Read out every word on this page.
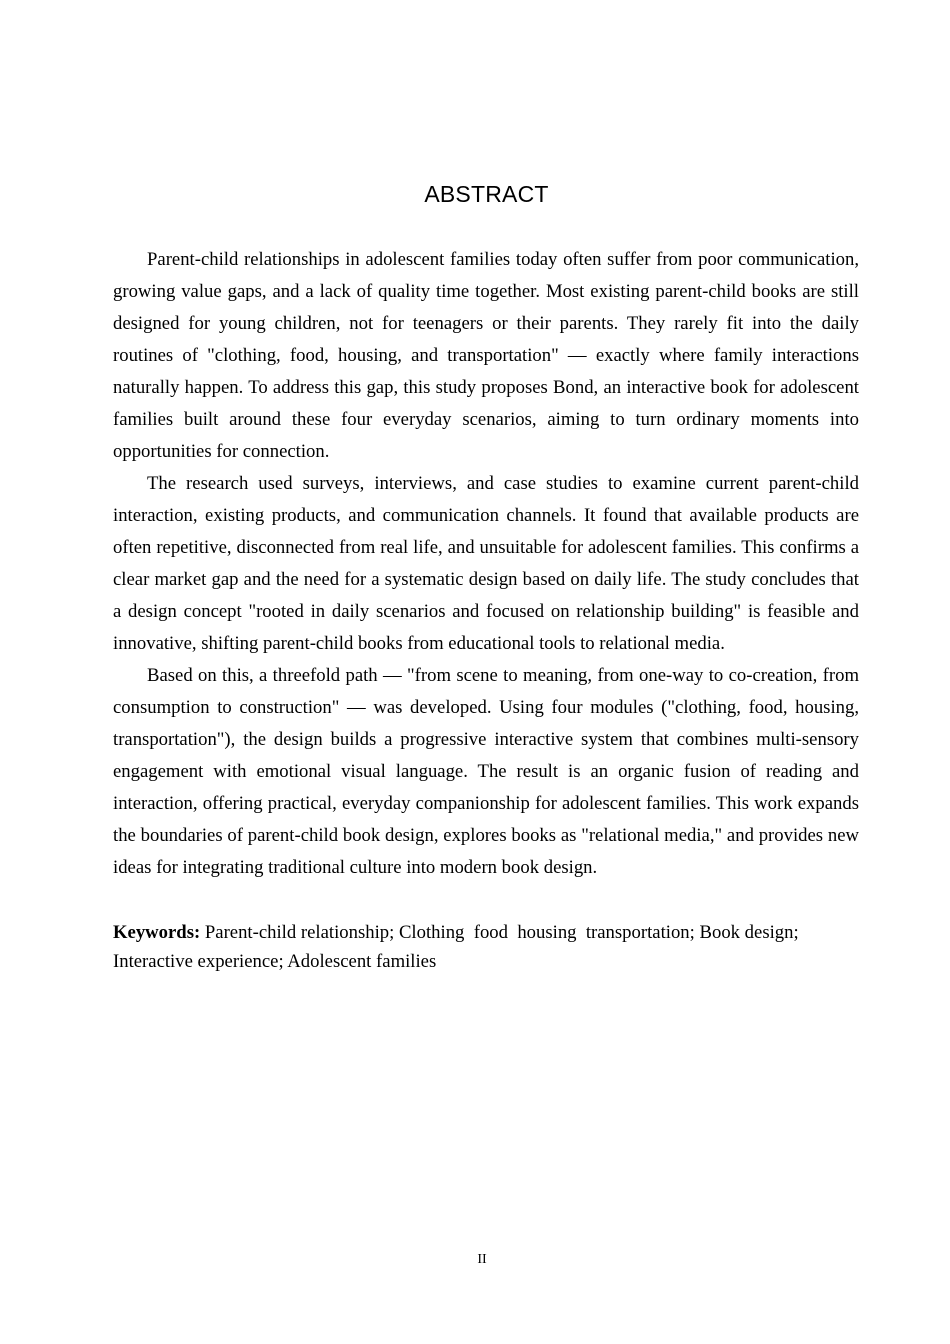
ABSTRACT

Parent-child relationships in adolescent families today often suffer from poor communication, growing value gaps, and a lack of quality time together. Most existing parent-child books are still designed for young children, not for teenagers or their parents. They rarely fit into the daily routines of "clothing, food, housing, and transportation" — exactly where family interactions naturally happen. To address this gap, this study proposes Bond, an interactive book for adolescent families built around these four everyday scenarios, aiming to turn ordinary moments into opportunities for connection.

The research used surveys, interviews, and case studies to examine current parent-child interaction, existing products, and communication channels. It found that available products are often repetitive, disconnected from real life, and unsuitable for adolescent families. This confirms a clear market gap and the need for a systematic design based on daily life. The study concludes that a design concept "rooted in daily scenarios and focused on relationship building" is feasible and innovative, shifting parent-child books from educational tools to relational media.

Based on this, a threefold path — "from scene to meaning, from one-way to co-creation, from consumption to construction" — was developed. Using four modules ("clothing, food, housing, transportation"), the design builds a progressive interactive system that combines multi-sensory engagement with emotional visual language. The result is an organic fusion of reading and interaction, offering practical, everyday companionship for adolescent families. This work expands the boundaries of parent-child book design, explores books as "relational media," and provides new ideas for integrating traditional culture into modern book design.

Keywords: Parent-child relationship; Clothing  food  housing  transportation; Book design; Interactive experience; Adolescent families
II
